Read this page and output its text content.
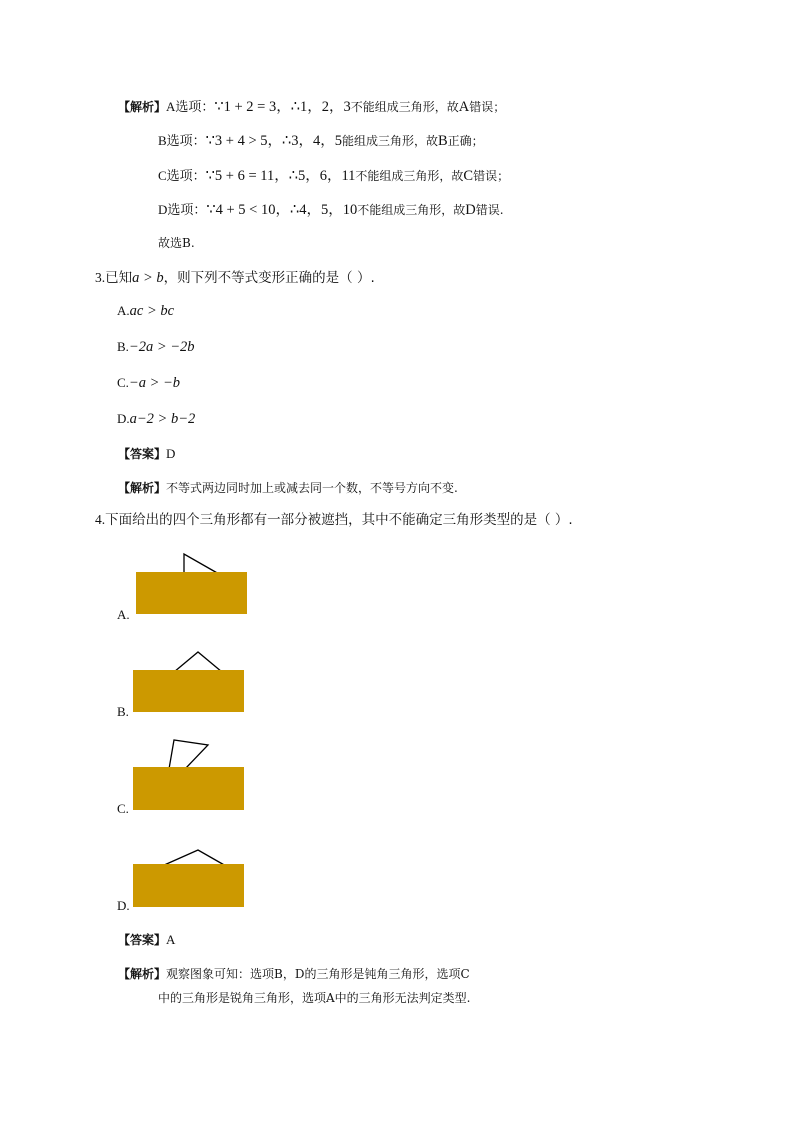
【解析】A选项：∵1 + 2 = 3，∴1，2，3不能组成三角形，故A错误；
B选项：∵3 + 4 > 5，∴3，4，5能组成三角形，故B正确；
C选项：∵5 + 6 = 11，∴5，6，11不能组成三角形，故C错误；
D选项：∵4 + 5 < 10，∴4，5，10不能组成三角形，故D错误.
故选B.
3.已知a > b，则下列不等式变形正确的是（ ）.
A.ac > bc
B.−2a > −2b
C.−a > −b
D.a−2 > b−2
【答案】D
【解析】不等式两边同时加上或减去同一个数，不等号方向不变.
4.下面给出的四个三角形都有一部分被遮挡，其中不能确定三角形类型的是（ ）.
A.
B.
C.
D.
【答案】A
【解析】观察图象可知：选项B，D的三角形是钝角三角形，选项C
中的三角形是锐角三角形，选项A中的三角形无法判定类型.
